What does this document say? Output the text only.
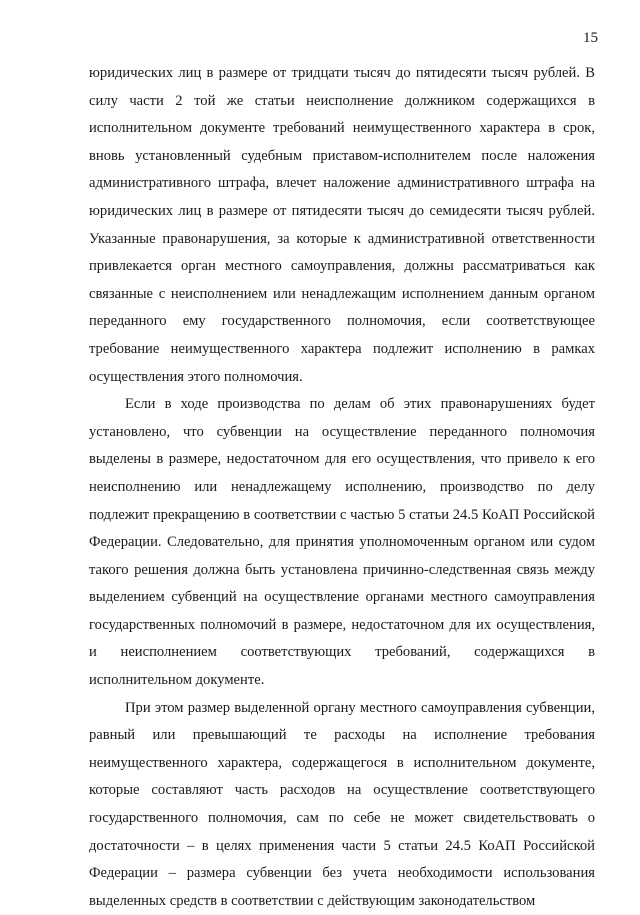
15

юридических лиц в размере от тридцати тысяч до пятидесяти тысяч рублей. В силу части 2 той же статьи неисполнение должником содержащихся в исполнительном документе требований неимущественного характера в срок, вновь установленный судебным приставом-исполнителем после наложения административного штрафа, влечет наложение административного штрафа на юридических лиц в размере от пятидесяти тысяч до семидесяти тысяч рублей. Указанные правонарушения, за которые к административной ответственности привлекается орган местного самоуправления, должны рассматриваться как связанные с неисполнением или ненадлежащим исполнением данным органом переданного ему государственного полномочия, если соответствующее требование неимущественного характера подлежит исполнению в рамках осуществления этого полномочия.

Если в ходе производства по делам об этих правонарушениях будет установлено, что субвенции на осуществление переданного полномочия выделены в размере, недостаточном для его осуществления, что привело к его неисполнению или ненадлежащему исполнению, производство по делу подлежит прекращению в соответствии с частью 5 статьи 24.5 КоАП Российской Федерации. Следовательно, для принятия уполномоченным органом или судом такого решения должна быть установлена причинно-следственная связь между выделением субвенций на осуществление органами местного самоуправления государственных полномочий в размере, недостаточном для их осуществления, и неисполнением соответствующих требований, содержащихся в исполнительном документе.

При этом размер выделенной органу местного самоуправления субвенции, равный или превышающий те расходы на исполнение требования неимущественного характера, содержащегося в исполнительном документе, которые составляют часть расходов на осуществление соответствующего государственного полномочия, сам по себе не может свидетельствовать о достаточности – в целях применения части 5 статьи 24.5 КоАП Российской Федерации – размера субвенции без учета необходимости использования выделенных средств в соответствии с действующим законодательством
